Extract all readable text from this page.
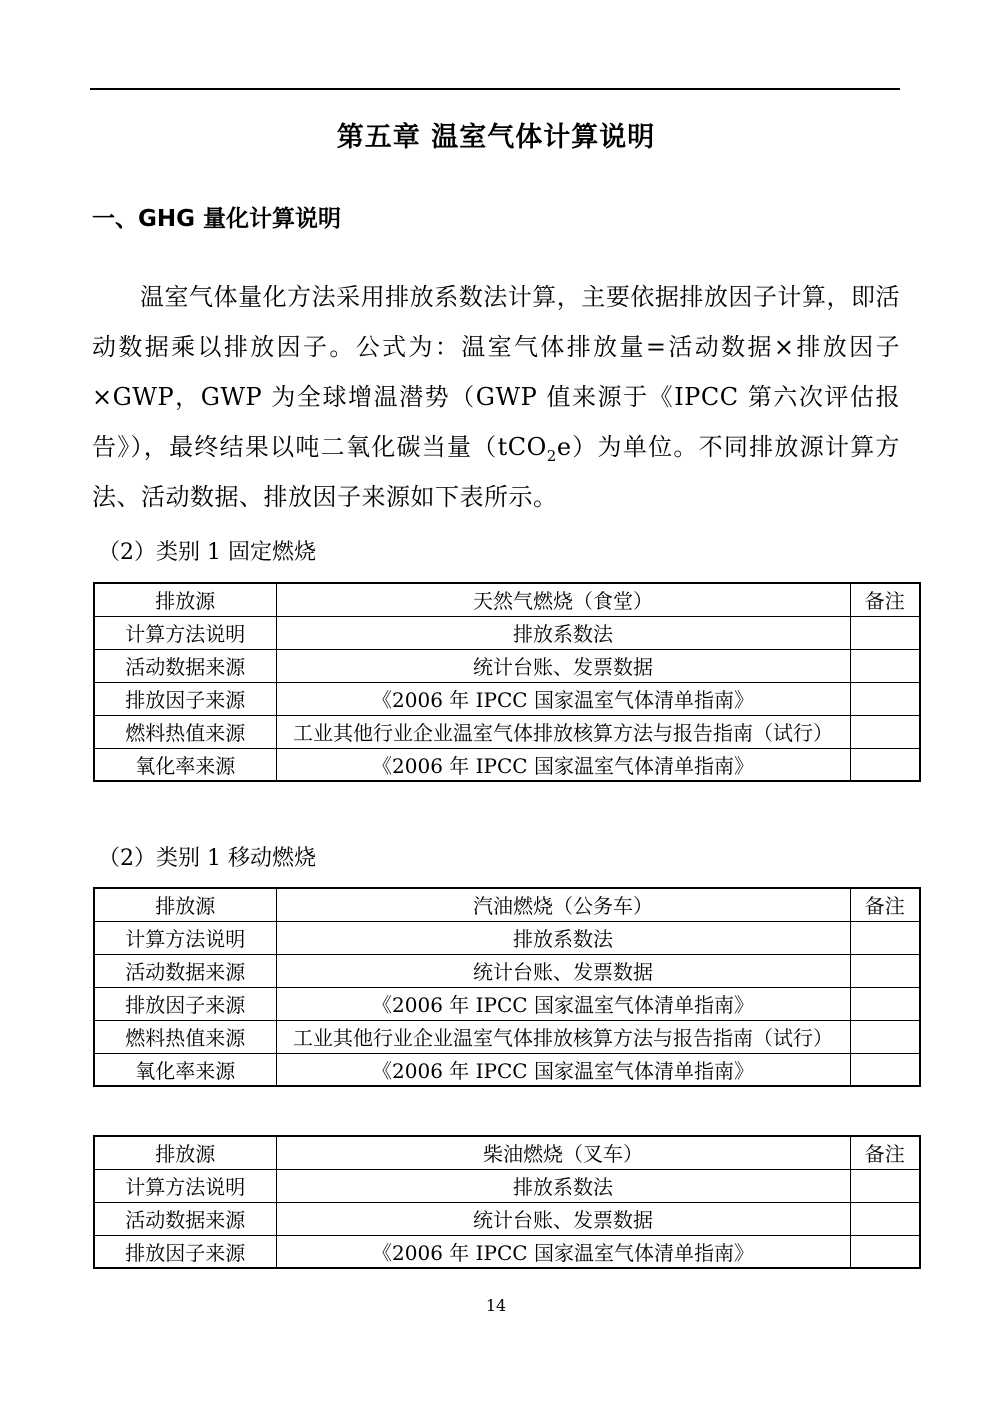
第五章 温室气体计算说明
一、GHG 量化计算说明

温室气体量化方法采用排放系数法计算，主要依据排放因子计算，即活动数据乘以排放因子。公式为：温室气体排放量=活动数据×排放因子×GWP，GWP 为全球增温潜势（GWP 值来源于《IPCC 第六次评估报告》），最终结果以吨二氧化碳当量（tCO$_2$e）为单位。不同排放源计算方法、活动数据、排放因子来源如下表所示。

（2）类别 1 固定燃烧

排放源	天然气燃烧（食堂）	备注
计算方法说明	排放系数法	
活动数据来源	统计台账、发票数据	
排放因子来源	《2006 年 IPCC 国家温室气体清单指南》	
燃料热值来源	工业其他行业企业温室气体排放核算方法与报告指南（试行）	
氧化率来源	《2006 年 IPCC 国家温室气体清单指南》	

（2）类别 1 移动燃烧

排放源	汽油燃烧（公务车）	备注
计算方法说明	排放系数法	
活动数据来源	统计台账、发票数据	
排放因子来源	《2006 年 IPCC 国家温室气体清单指南》	
燃料热值来源	工业其他行业企业温室气体排放核算方法与报告指南（试行）	
氧化率来源	《2006 年 IPCC 国家温室气体清单指南》	
排放源	柴油燃烧（叉车）	备注
计算方法说明	排放系数法	
活动数据来源	统计台账、发票数据	
排放因子来源	《2006 年 IPCC 国家温室气体清单指南》	
14
